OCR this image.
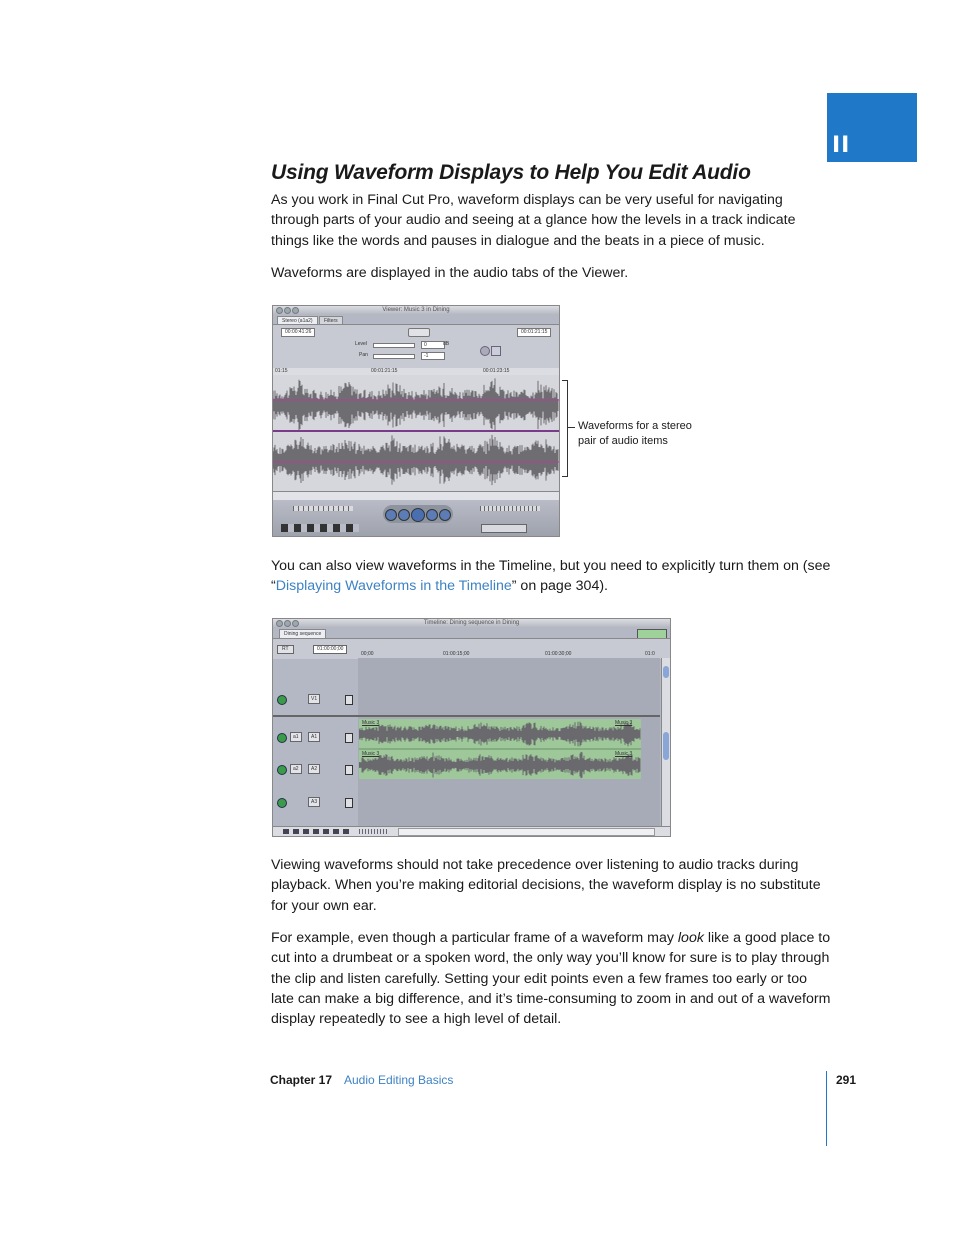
II
Using Waveform Displays to Help You Edit Audio

As you work in Final Cut Pro, waveform displays can be very useful for navigating through parts of your audio and seeing at a glance how the levels in a track indicate things like the words and pauses in dialogue and the beats in a piece of music.

Waveforms are displayed in the audio tabs of the Viewer.

Viewer: Music 3 in Dining
Stereo (a1a2)	Filters
00:00:41:26	00:01:21:15
Level	0	dB
Pan	-1
01:15	00:01:21:15	00:01:23:15
Waveforms for a stereo
pair of audio items

You can also view waveforms in the Timeline, but you need to explicitly turn them on (see “Displaying Waveforms in the Timeline” on page 304).

Timeline: Dining sequence in Dining
Dining sequence
RT	01:00:00;00
00;00	01:00:15;00	01:00:30;00	01:0
Music 3	Music 3
Music 3	Music 3
V1
a1	A1
a2	A2
A3

Viewing waveforms should not take precedence over listening to audio tracks during playback. When you’re making editorial decisions, the waveform display is no substitute for your own ear.

For example, even though a particular frame of a waveform may look like a good place to cut into a drumbeat or a spoken word, the only way you’ll know for sure is to play through the clip and listen carefully. Setting your edit points even a few frames too early or too late can make a big difference, and it’s time-consuming to zoom in and out of a waveform display repeatedly to see a high level of detail.

Chapter 17 Audio Editing Basics	291
